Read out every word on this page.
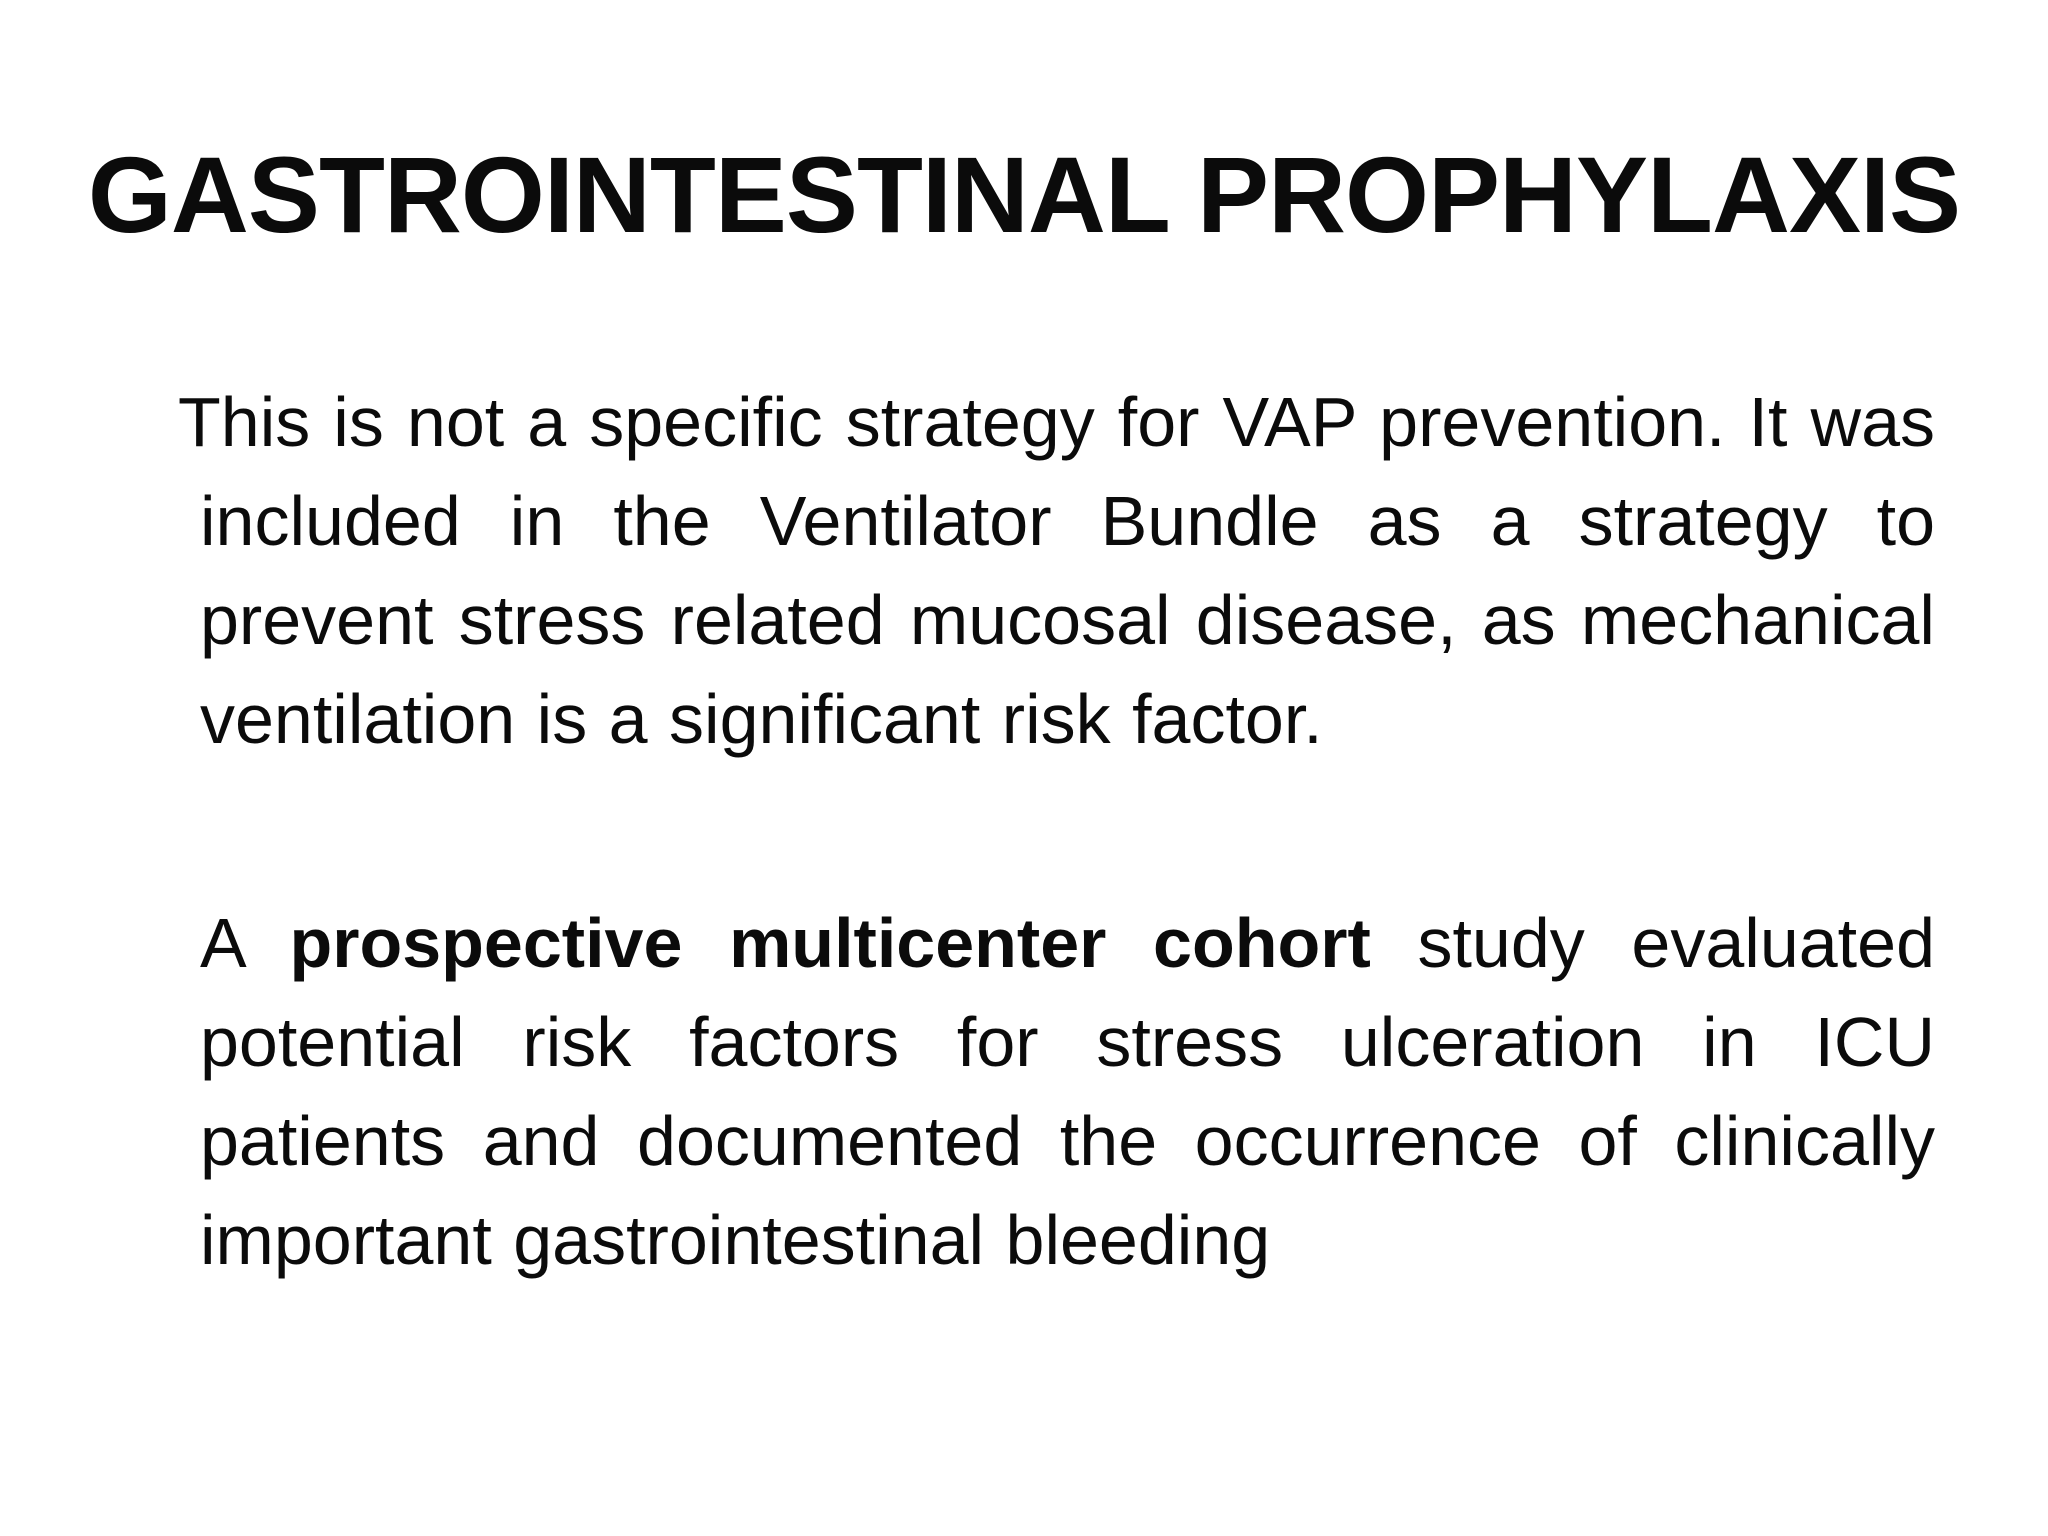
GASTROINTESTINAL PROPHYLAXIS
This is not a specific strategy for VAP prevention. It was included in the Ventilator Bundle as a strategy to prevent stress related mucosal disease, as mechanical ventilation is a significant risk factor.
A prospective multicenter cohort study evaluated potential risk factors for stress ulceration in ICU patients and documented the occurrence of clinically important gastrointestinal bleeding
